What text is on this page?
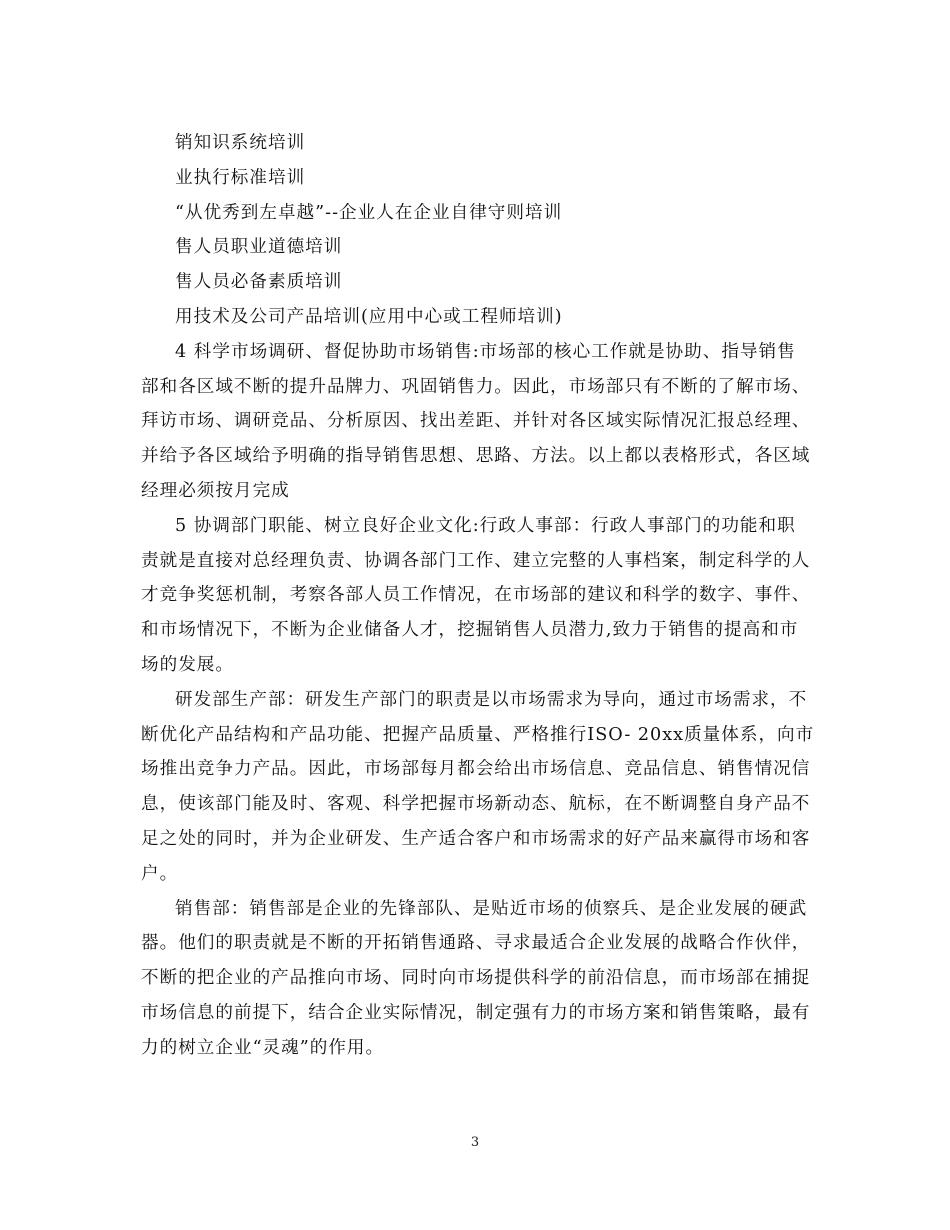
销知识系统培训
业执行标准培训
“从优秀到左卓越”--企业人在企业自律守则培训
售人员职业道德培训
售人员必备素质培训
用技术及公司产品培训(应用中心或工程师培训)
4 科学市场调研、督促协助市场销售:市场部的核心工作就是协助、指导销售
部和各区域不断的提升品牌力、巩固销售力。因此，市场部只有不断的了解市场、
拜访市场、调研竞品、分析原因、找出差距、并针对各区域实际情况汇报总经理、
并给予各区域给予明确的指导销售思想、思路、方法。以上都以表格形式，各区域
经理必须按月完成
5 协调部门职能、树立良好企业文化:行政人事部：行政人事部门的功能和职
责就是直接对总经理负责、协调各部门工作、建立完整的人事档案，制定科学的人
才竞争奖惩机制，考察各部人员工作情况，在市场部的建议和科学的数字、事件、
和市场情况下，不断为企业储备人才，挖掘销售人员潜力,致力于销售的提高和市
场的发展。
研发部生产部：研发生产部门的职责是以市场需求为导向，通过市场需求，不
断优化产品结构和产品功能、把握产品质量、严格推行ISO- 20xx质量体系，向市
场推出竞争力产品。因此，市场部每月都会给出市场信息、竞品信息、销售情况信
息，使该部门能及时、客观、科学把握市场新动态、航标，在不断调整自身产品不
足之处的同时，并为企业研发、生产适合客户和市场需求的好产品来赢得市场和客
户。
销售部：销售部是企业的先锋部队、是贴近市场的侦察兵、是企业发展的硬武
器。他们的职责就是不断的开拓销售通路、寻求最适合企业发展的战略合作伙伴，
不断的把企业的产品推向市场、同时向市场提供科学的前沿信息，而市场部在捕捉
市场信息的前提下，结合企业实际情况，制定强有力的市场方案和销售策略，最有
力的树立企业“灵魂”的作用。
3
